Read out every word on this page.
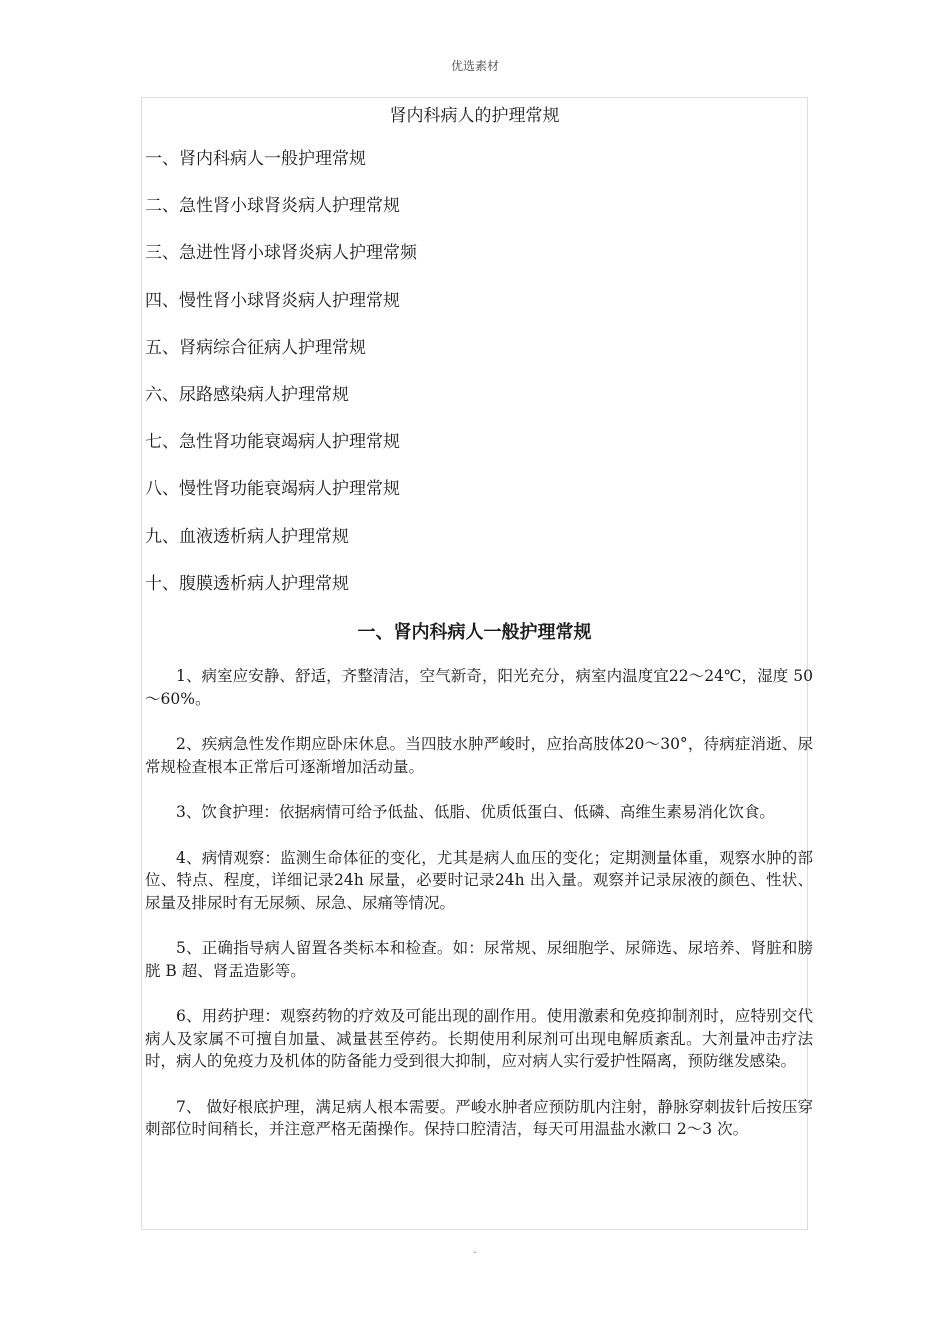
优选素材
肾内科病人的护理常规
一、肾内科病人一般护理常规
二、急性肾小球肾炎病人护理常规
三、急进性肾小球肾炎病人护理常频
四、慢性肾小球肾炎病人护理常规
五、肾病综合征病人护理常规
六、尿路感染病人护理常规
七、急性肾功能衰竭病人护理常规
八、慢性肾功能衰竭病人护理常规
九、血液透析病人护理常规
十、腹膜透析病人护理常规
一、肾内科病人一般护理常规

1、病室应安静、舒适，齐整清洁，空气新奇，阳光充分，病室内温度宜22～24℃，湿度 50～60%。

2、疾病急性发作期应卧床休息。当四肢水肿严峻时，应抬高肢体20～30°，待病症消逝、尿常规检查根本正常后可逐渐增加活动量。

3、饮食护理：依据病情可给予低盐、低脂、优质低蛋白、低磷、高维生素易消化饮食。

4、病情观察：监测生命体征的变化，尤其是病人血压的变化；定期测量体重，观察水肿的部位、特点、程度，详细记录24h 尿量，必要时记录24h 出入量。观察并记录尿液的颜色、性状、尿量及排尿时有无尿频、尿急、尿痛等情况。

5、正确指导病人留置各类标本和检查。如：尿常规、尿细胞学、尿筛选、尿培养、肾脏和膀胱 B 超、肾盂造影等。

6、用药护理：观察药物的疗效及可能出现的副作用。使用激素和免疫抑制剂时，应特别交代病人及家属不可擅自加量、减量甚至停药。长期使用利尿剂可出现电解质紊乱。大剂量冲击疗法时，病人的免疫力及机体的防备能力受到很大抑制，应对病人实行爱护性隔离，预防继发感染。

7、 做好根底护理，满足病人根本需要。严峻水肿者应预防肌内注射，静脉穿刺拔针后按压穿刺部位时间稍长，并注意严格无菌操作。保持口腔清洁，每天可用温盐水漱口 2～3 次。

.
